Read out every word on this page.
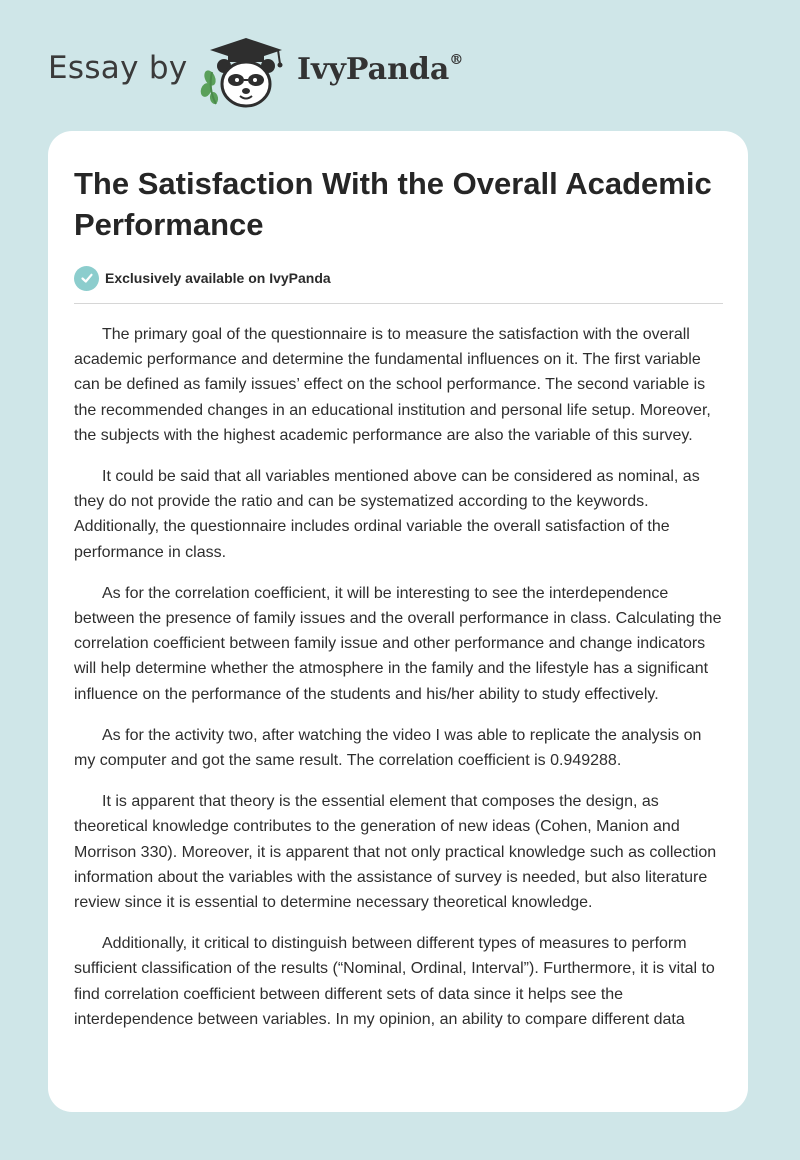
Essay by	IvyPanda®
The Satisfaction With the Overall Academic Performance
Exclusively available on IvyPanda

The primary goal of the questionnaire is to measure the satisfaction with the overall academic performance and determine the fundamental influences on it. The first variable can be defined as family issues’ effect on the school performance. The second variable is the recommended changes in an educational institution and personal life setup. Moreover, the subjects with the highest academic performance are also the variable of this survey.

It could be said that all variables mentioned above can be considered as nominal, as they do not provide the ratio and can be systematized according to the keywords. Additionally, the questionnaire includes ordinal variable the overall satisfaction of the performance in class.

As for the correlation coefficient, it will be interesting to see the interdependence between the presence of family issues and the overall performance in class. Calculating the correlation coefficient between family issue and other performance and change indicators will help determine whether the atmosphere in the family and the lifestyle has a significant influence on the performance of the students and his/her ability to study effectively.

As for the activity two, after watching the video I was able to replicate the analysis on my computer and got the same result. The correlation coefficient is 0.949288.

It is apparent that theory is the essential element that composes the design, as theoretical knowledge contributes to the generation of new ideas (Cohen, Manion and Morrison 330). Moreover, it is apparent that not only practical knowledge such as collection information about the variables with the assistance of survey is needed, but also literature review since it is essential to determine necessary theoretical knowledge.

Additionally, it critical to distinguish between different types of measures to perform sufficient classification of the results (“Nominal, Ordinal, Interval”). Furthermore, it is vital to find correlation coefficient between different sets of data since it helps see the interdependence between variables. In my opinion, an ability to compare different data
